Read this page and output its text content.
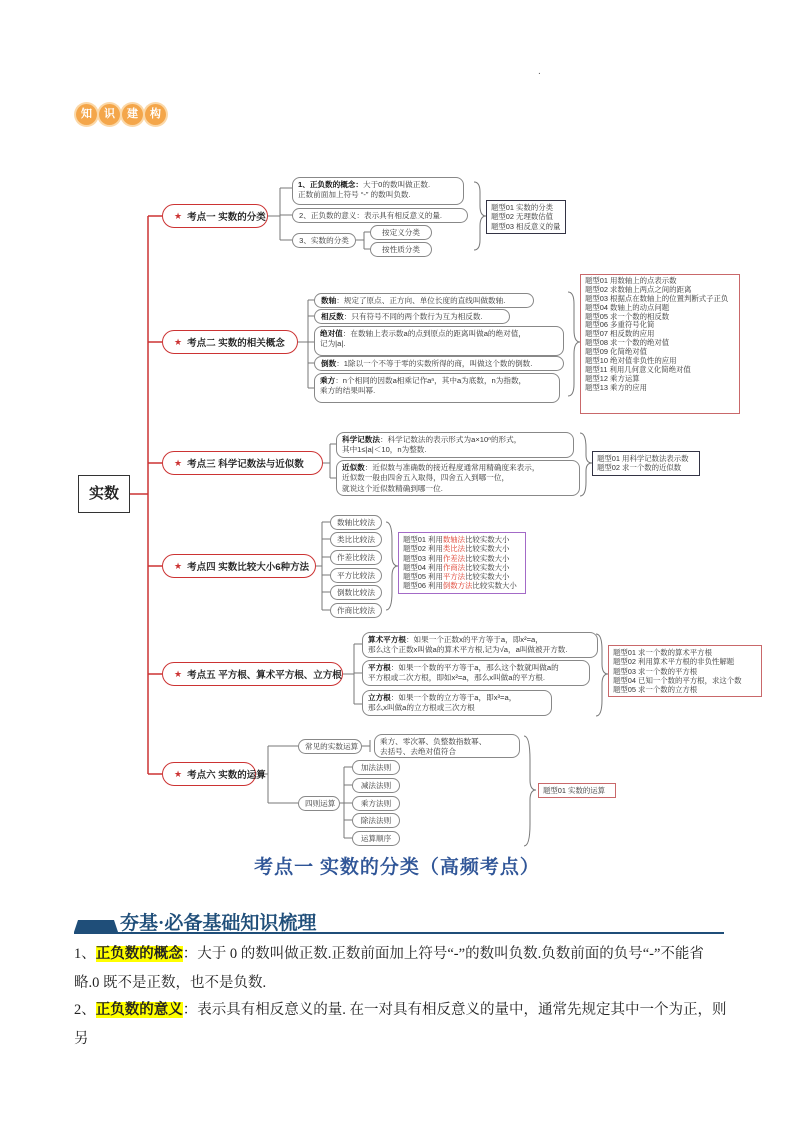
.
知	识	建	构
实数
★ 考点一 实数的分类
★ 考点二 实数的相关概念
★ 考点三 科学记数法与近似数
★ 考点四 实数比较大小6种方法
★ 考点五 平方根、算术平方根、立方根
★ 考点六 实数的运算
1、正负数的概念：大于0的数叫做正数.
正数前面加上符号 “-” 的数叫负数.
2、正负数的意义：表示具有相反意义的量.
3、实数的分类
按定义分类
按性质分类
题型01 实数的分类
题型02 无理数估值
题型03 相反意义的量
数轴：规定了原点、正方向、单位长度的直线叫做数轴.
相反数：只有符号不同的两个数行为互为相反数.
绝对值：在数轴上表示数a的点到原点的距离叫做a的绝对值，
记为|a|.
倒数：1除以一个不等于零的实数所得的商，叫做这个数的倒数.
乘方：n个相同的因数a相乘记作aⁿ，其中a为底数，n为指数，
乘方的结果叫幂.
题型01 用数轴上的点表示数
题型02 求数轴上两点之间的距离
题型03 根据点在数轴上的位置判断式子正负
题型04 数轴上的动点问题
题型05 求一个数的相反数
题型06 多重符号化简
题型07 相反数的应用
题型08 求一个数的绝对值
题型09 化简绝对值
题型10 绝对值非负性的应用
题型11 利用几何意义化简绝对值
题型12 乘方运算
题型13 乘方的应用
科学记数法：科学记数法的表示形式为a×10ⁿ的形式，
其中1≤|a|＜10，n为整数.
近似数：近似数与准确数的接近程度通常用精确度来表示，
近似数一般由四舍五入取得，四舍五入到哪一位，
就说这个近似数精确到哪一位.
题型01 用科学记数法表示数
题型02 求一个数的近似数
数轴比较法
类比比较法
作差比较法
平方比较法
倒数比较法
作商比较法
题型01 利用数轴法比较实数大小
题型02 利用类比法比较实数大小
题型03 利用作差法比较实数大小
题型04 利用作商法比较实数大小
题型05 利用平方法比较实数大小
题型06 利用倒数方法比较实数大小
算术平方根：如果一个正数x的平方等于a，即x²=a，
那么这个正数x叫做a的算术平方根,记为√a，a叫做被开方数.
平方根：如果一个数的平方等于a，那么这个数就叫做a的
平方根或二次方根，即如x²=a，那么x叫做a的平方根.
立方根：如果一个数的立方等于a，即x³=a，
那么x叫做a的立方根或三次方根
题型01 求一个数的算术平方根
题型02 利用算术平方根的非负性解题
题型03 求一个数的平方根
题型04 已知一个数的平方根，求这个数
题型05 求一个数的立方根
常见的实数运算
乘方、零次幂、负整数指数幂、
去括号、去绝对值符合
四则运算
加法法则
减法法则
乘方法则
除法法则
运算顺序
题型01 实数的运算
考点一 实数的分类（高频考点）
夯基·必备基础知识梳理
1、正负数的概念：大于 0 的数叫做正数.正数前面加上符号“-”的数叫负数.负数前面的负号“-”不能省
略.0 既不是正数，也不是负数.
2、正负数的意义：表示具有相反意义的量. 在一对具有相反意义的量中，通常先规定其中一个为正，则另
